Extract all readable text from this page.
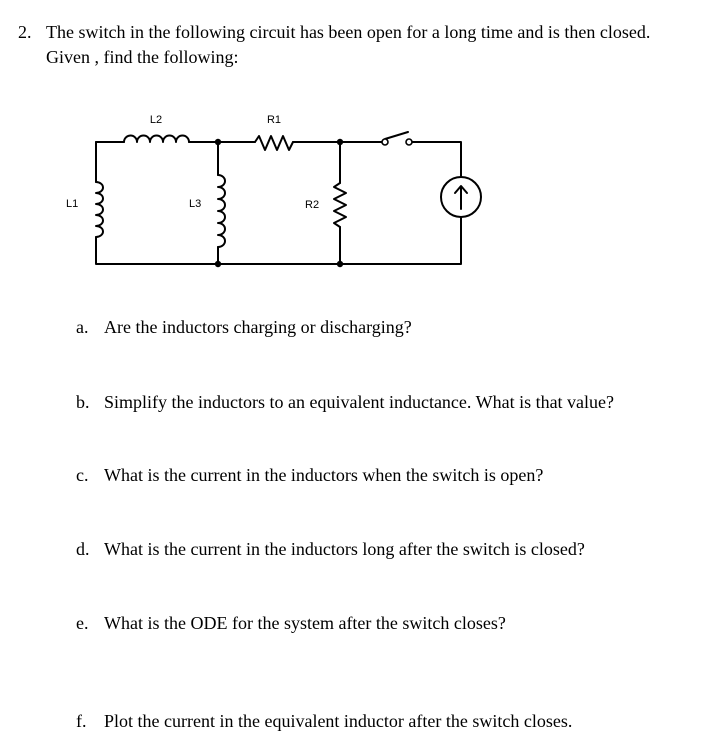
2. The switch in the following circuit has been open for a long time and is then closed.
Given , find the following:
L2	R1
L1	L3	R2
a. Are the inductors charging or discharging?
b. Simplify the inductors to an equivalent inductance. What is that value?
c. What is the current in the inductors when the switch is open?
d. What is the current in the inductors long after the switch is closed?
e. What is the ODE for the system after the switch closes?
f. Plot the current in the equivalent inductor after the switch closes.
